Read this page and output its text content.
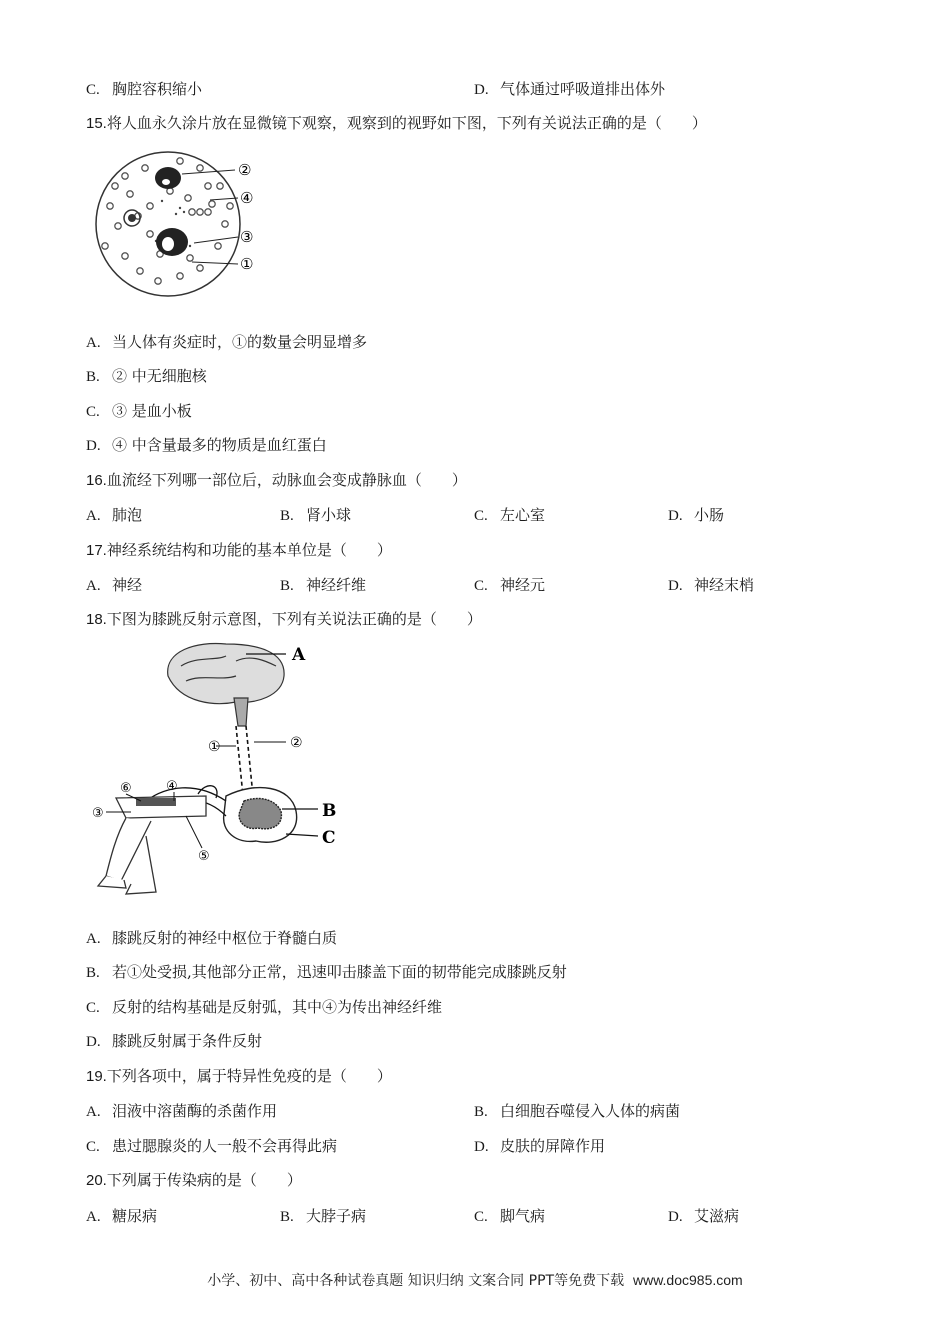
C. 胸腔容积缩小	D. 气体通过呼吸道排出体外
15.将人血永久涂片放在显微镜下观察，观察到的视野如下图，下列有关说法正确的是（　　）
②
④
③
①
A. 当人体有炎症时，①的数量会明显增多
B. ② 中无细胞核
C. ③ 是血小板
D. ④ 中含量最多的物质是血红蛋白
16.血流经下列哪一部位后，动脉血会变成静脉血（　　）
A. 肺泡	B. 肾小球	C. 左心室	D. 小肠
17.神经系统结构和功能的基本单位是（　　）
A. 神经	B. 神经纤维	C. 神经元	D. 神经末梢
18.下图为膝跳反射示意图，下列有关说法正确的是（　　）
A
①	②
B
C
⑥	④
③
⑤
A. 膝跳反射的神经中枢位于脊髓白质
B. 若①处受损,其他部分正常，迅速叩击膝盖下面的韧带能完成膝跳反射
C. 反射的结构基础是反射弧，其中④为传出神经纤维
D. 膝跳反射属于条件反射
19.下列各项中，属于特异性免疫的是（　　）
A. 泪液中溶菌酶的杀菌作用	B. 白细胞吞噬侵入人体的病菌
C. 患过腮腺炎的人一般不会再得此病	D. 皮肤的屏障作用
20.下列属于传染病的是（　　）
A. 糖尿病	B. 大脖子病	C. 脚气病	D. 艾滋病
小学、初中、高中各种试卷真题 知识归纳 文案合同 PPT等免费下载 www.doc985.com
